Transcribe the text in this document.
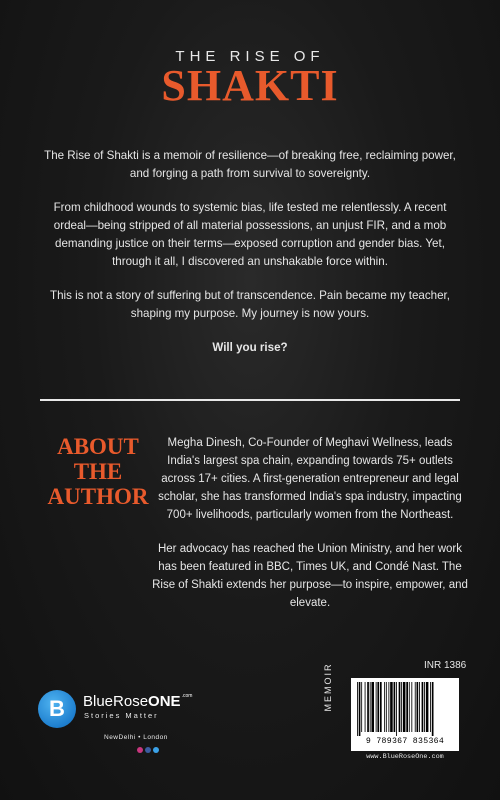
THE RISE OF
SHAKTI

The Rise of Shakti is a memoir of resilience—of breaking free, reclaiming power, and forging a path from survival to sovereignty.

From childhood wounds to systemic bias, life tested me relentlessly. A recent ordeal—being stripped of all material possessions, an unjust FIR, and a mob demanding justice on their terms—exposed corruption and gender bias. Yet, through it all, I discovered an unshakable force within.

This is not a story of suffering but of transcendence. Pain became my teacher, shaping my purpose. My journey is now yours.

Will you rise?

ABOUT
THE
AUTHOR

Megha Dinesh, Co-Founder of Meghavi Wellness, leads India's largest spa chain, expanding towards 75+ outlets across 17+ cities. A first-generation entrepreneur and legal scholar, she has transformed India's spa industry, impacting 700+ livelihoods, particularly women from the Northeast.

Her advocacy has reached the Union Ministry, and her work has been featured in BBC, Times UK, and Condé Nast. The Rise of Shakti extends her purpose—to inspire, empower, and elevate.

B BlueRoseONE$^{.com}$
Stories Matter
NewDelhi • London
MEMOIR	INR 1386
9 789367 835364
www.BlueRoseOne.com
